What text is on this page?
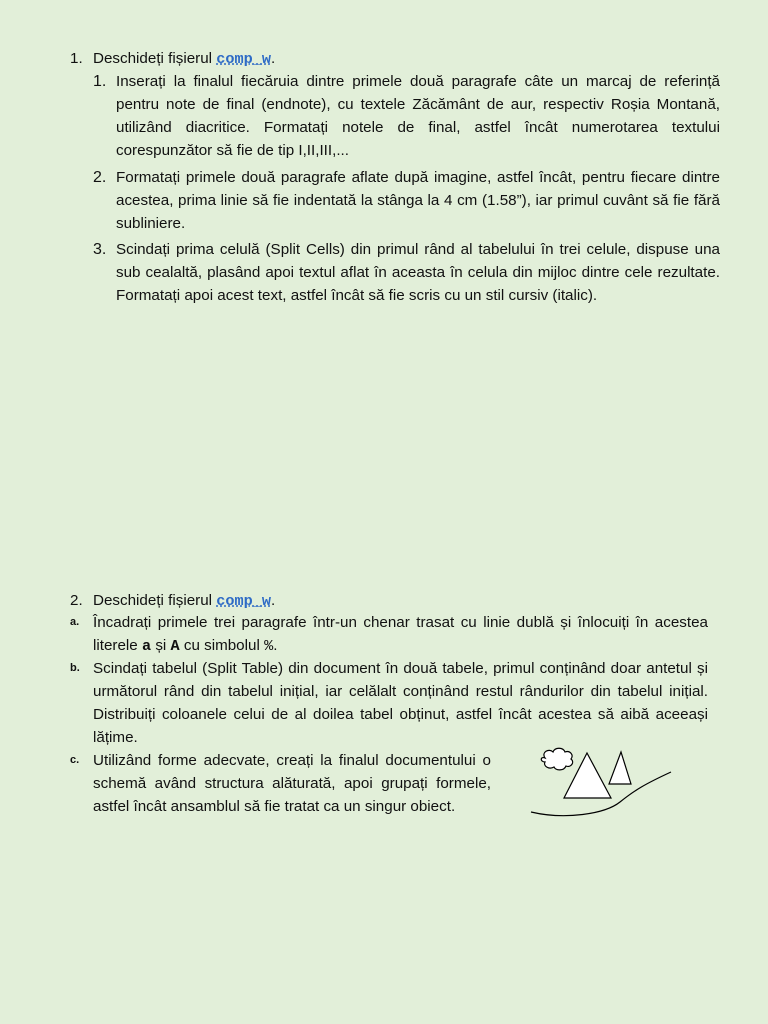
1. Deschideți fișierul comp_w.
1. Inserați la finalul fiecăruia dintre primele două paragrafe câte un marcaj de referință pentru note de final (endnote), cu textele Zăcământ de aur, respectiv Roșia Montană, utilizând diacritice. Formatați notele de final, astfel încât numerotarea textului corespunzător să fie de tip I,II,III,...

2. Formatați primele două paragrafe aflate după imagine, astfel încât, pentru fiecare dintre acestea, prima linie să fie indentată la stânga la 4 cm (1.58”), iar primul cuvânt să fie fără subliniere.

3. Scindați prima celulă (Split Cells) din primul rând al tabelului în trei celule, dispuse una sub cealaltă, plasând apoi textul aflat în aceasta în celula din mijloc dintre cele rezultate. Formatați apoi acest text, astfel încât să fie scris cu un stil cursiv (italic).

2. Deschideți fișierul comp_w.
a. Încadrați primele trei paragrafe într-un chenar trasat cu linie dublă și înlocuiți în acestea literele a și A cu simbolul %.

b. Scindați tabelul (Split Table) din document în două tabele, primul conținând doar antetul și următorul rând din tabelul inițial, iar celălalt conținând restul rândurilor din tabelul inițial. Distribuiți coloanele celui de al doilea tabel obținut, astfel încât acestea să aibă aceeași lățime.

c. Utilizând forme adecvate, creați la finalul documentului o schemă având structura alăturată, apoi grupați formele, astfel încât ansamblul să fie tratat ca un singur obiect.
